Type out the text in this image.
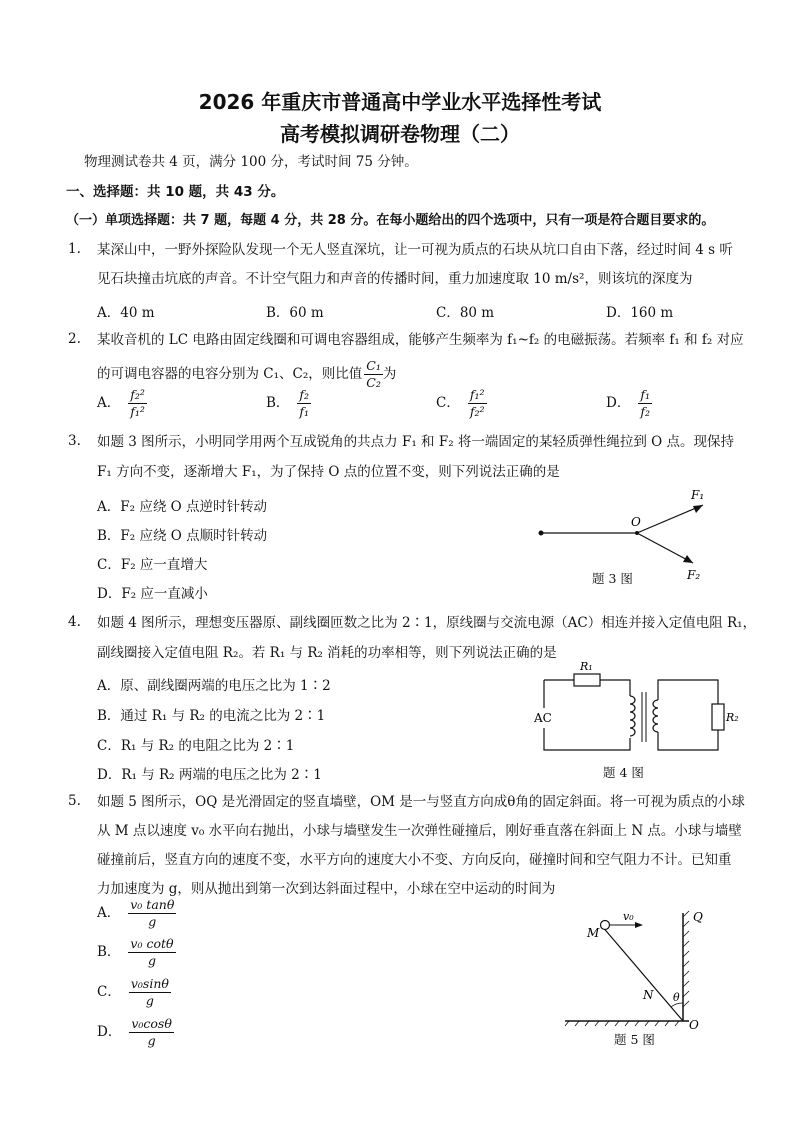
2026 年重庆市普通高中学业水平选择性考试
高考模拟调研卷物理（二）
物理测试卷共 4 页，满分 100 分，考试时间 75 分钟。
一、选择题：共 10 题，共 43 分。
（一）单项选择题：共 7 题，每题 4 分，共 28 分。在每小题给出的四个选项中，只有一项是符合题目要求的。
1. 某深山中，一野外探险队发现一个无人竖直深坑，让一可视为质点的石块从坑口自由下落，经过时间 4 s 听
见石块撞击坑底的声音。不计空气阻力和声音的传播时间，重力加速度取 10 m/s²，则该坑的深度为
A．40 m	B．60 m	C．80 m	D．160 m
2. 某收音机的 LC 电路由固定线圈和可调电容器组成，能够产生频率为 f₁~f₂ 的电磁振荡。若频率 f₁ 和 f₂ 对应
的可调电容器的电容分别为 C₁、C₂，则比值 $\frac{\text{C₁}}{\text{C₂}}$ 为
A． $\frac{\text{f₂²}}{\text{f₁²}}$	B． $\frac{\text{f₂}}{\text{f₁}}$	C． $\frac{\text{f₁²}}{\text{f₂²}}$	D． $\frac{\text{f₁}}{\text{f₂}}$
3. 如题 3 图所示，小明同学用两个互成锐角的共点力 F₁ 和 F₂ 将一端固定的某轻质弹性绳拉到 O 点。现保持
F₁ 方向不变，逐渐增大 F₁，为了保持 O 点的位置不变，则下列说法正确的是
A．F₂ 应绕 O 点逆时针转动
B．F₂ 应绕 O 点顺时针转动
C．F₂ 应一直增大
D．F₂ 应一直减小
O
F₁
F₂
题 3 图
4. 如题 4 图所示，理想变压器原、副线圈匝数之比为 2∶1，原线圈与交流电源（AC）相连并接入定值电阻 R₁，
副线圈接入定值电阻 R₂。若 R₁ 与 R₂ 消耗的功率相等，则下列说法正确的是
A．原、副线圈两端的电压之比为 1∶2
B．通过 R₁ 与 R₂ 的电流之比为 2∶1
C．R₁ 与 R₂ 的电阻之比为 2∶1
D．R₁ 与 R₂ 两端的电压之比为 2∶1
R₁
R₂
AC
题 4 图
5. 如题 5 图所示，OQ 是光滑固定的竖直墙壁，OM 是一与竖直方向成θ角的固定斜面。将一可视为质点的小球
从 M 点以速度 v₀ 水平向右抛出，小球与墙壁发生一次弹性碰撞后，刚好垂直落在斜面上 N 点。小球与墙壁
碰撞前后，竖直方向的速度不变，水平方向的速度大小不变、方向反向，碰撞时间和空气阻力不计。已知重
力加速度为 g，则从抛出到第一次到达斜面过程中，小球在空中运动的时间为
A． $\frac{\text{v₀ tanθ}}{g}$
B． $\frac{\text{v₀ cotθ}}{g}$
C． $\frac{\text{v₀sinθ}}{g}$
D． $\frac{\text{v₀cosθ}}{g}$
M
v₀	Q
N θ
O
题 5 图
